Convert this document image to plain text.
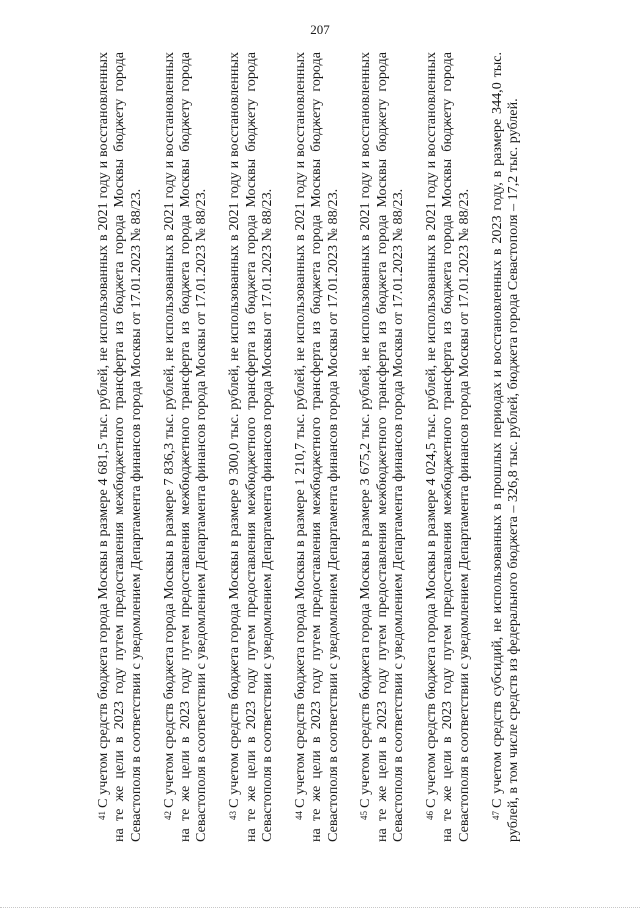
207

$^{41}$С учетом средств бюджета города Москвы в размере 4 681,5 тыс. рублей, не использованных в 2021 году и восстановленных на те же цели в 2023 году путем предоставления межбюджетного трансферта из бюджета города Москвы бюджету города Севастополя в соответствии с уведомлением Департамента финансов города Москвы от 17.01.2023 № 88/23.	$^{42}$С учетом средств бюджета города Москвы в размере 7 836,3 тыс. рублей, не использованных в 2021 году и восстановленных на те же цели в 2023 году путем предоставления межбюджетного трансферта из бюджета города Москвы бюджету города Севастополя в соответствии с уведомлением Департамента финансов города Москвы от 17.01.2023 № 88/23.	$^{43}$С учетом средств бюджета города Москвы в размере 9 300,0 тыс. рублей, не использованных в 2021 году и восстановленных на те же цели в 2023 году путем предоставления межбюджетного трансферта из бюджета города Москвы бюджету города Севастополя в соответствии с уведомлением Департамента финансов города Москвы от 17.01.2023 № 88/23.	$^{44}$С учетом средств бюджета города Москвы в размере 1 210,7 тыс. рублей, не использованных в 2021 году и восстановленных на те же цели в 2023 году путем предоставления межбюджетного трансферта из бюджета города Москвы бюджету города Севастополя в соответствии с уведомлением Департамента финансов города Москвы от 17.01.2023 № 88/23.	$^{45}$С учетом средств бюджета города Москвы в размере 3 675,2 тыс. рублей, не использованных в 2021 году и восстановленных на те же цели в 2023 году путем предоставления межбюджетного трансферта из бюджета города Москвы бюджету города Севастополя в соответствии с уведомлением Департамента финансов города Москвы от 17.01.2023 № 88/23.	$^{46}$С учетом средств бюджета города Москвы в размере 4 024,5 тыс. рублей, не использованных в 2021 году и восстановленных на те же цели в 2023 году путем предоставления межбюджетного трансферта из бюджета города Москвы бюджету города Севастополя в соответствии с уведомлением Департамента финансов города Москвы от 17.01.2023 № 88/23.	$^{47}$С учетом средств субсидий, не использованных в прошлых периодах и восстановленных в 2023 году, в размере 344,0 тыс. рублей, в том числе средств из федерального бюджета – 326,8 тыс. рублей, бюджета города Севастополя – 17,2 тыс. рублей.
